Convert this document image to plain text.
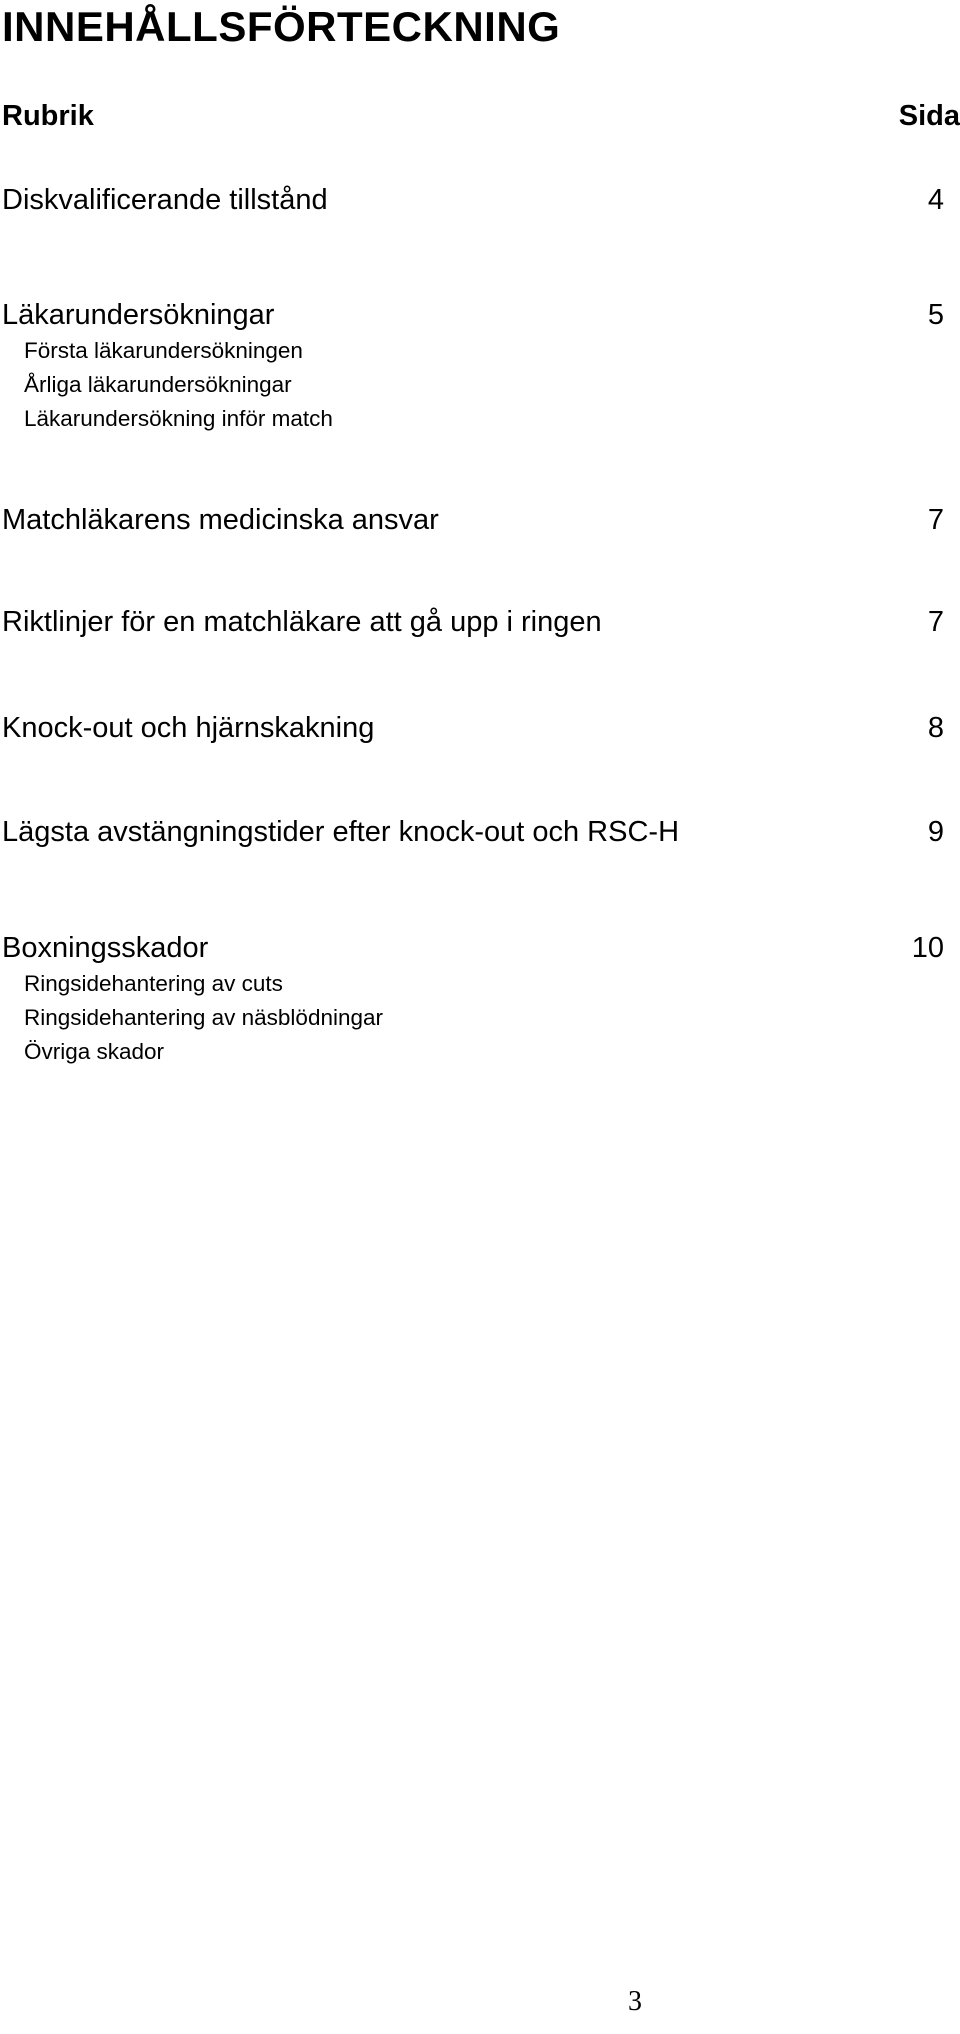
INNEHÅLLSFÖRTECKNING
Rubrik	Sida
Diskvalificerande tillstånd	4
Läkarundersökningar	5
Första läkarundersökningen
Årliga läkarundersökningar
Läkarundersökning inför match
Matchläkarens medicinska ansvar	7
Riktlinjer för en matchläkare att gå upp i ringen	7
Knock-out och hjärnskakning	8
Lägsta avstängningstider efter knock-out och RSC-H	9
Boxningsskador	10
Ringsidehantering av cuts
Ringsidehantering av näsblödningar
Övriga skador
3
